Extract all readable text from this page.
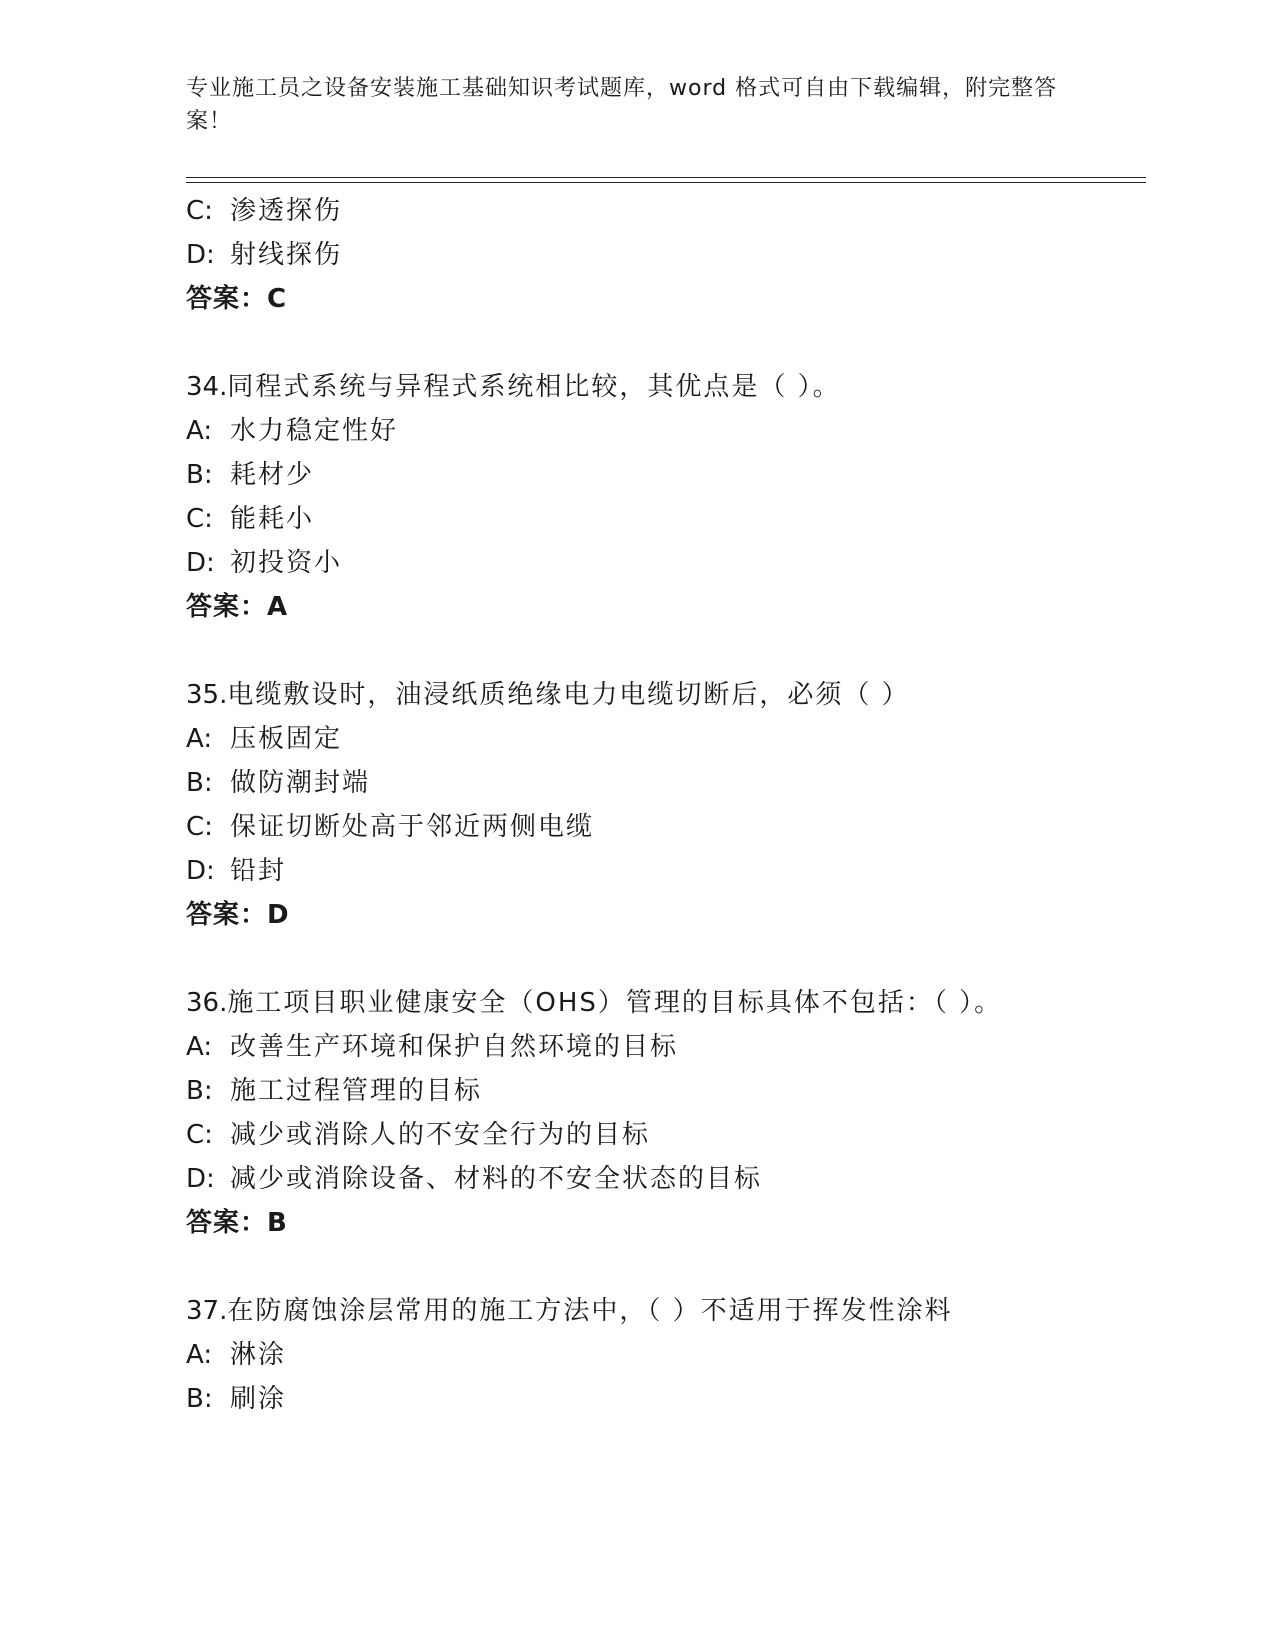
专业施工员之设备安装施工基础知识考试题库，word 格式可自由下载编辑，附完整答案！
C: 渗透探伤
D: 射线探伤
答案：C
34.同程式系统与异程式系统相比较，其优点是（ ）。
A: 水力稳定性好
B: 耗材少
C: 能耗小
D: 初投资小
答案：A
35.电缆敷设时，油浸纸质绝缘电力电缆切断后，必须（ ）
A: 压板固定
B: 做防潮封端
C: 保证切断处高于邻近两侧电缆
D: 铅封
答案：D
36.施工项目职业健康安全（OHS）管理的目标具体不包括：（ ）。
A: 改善生产环境和保护自然环境的目标
B: 施工过程管理的目标
C: 减少或消除人的不安全行为的目标
D: 减少或消除设备、材料的不安全状态的目标
答案：B
37.在防腐蚀涂层常用的施工方法中，（ ）不适用于挥发性涂料
A: 淋涂
B: 刷涂
